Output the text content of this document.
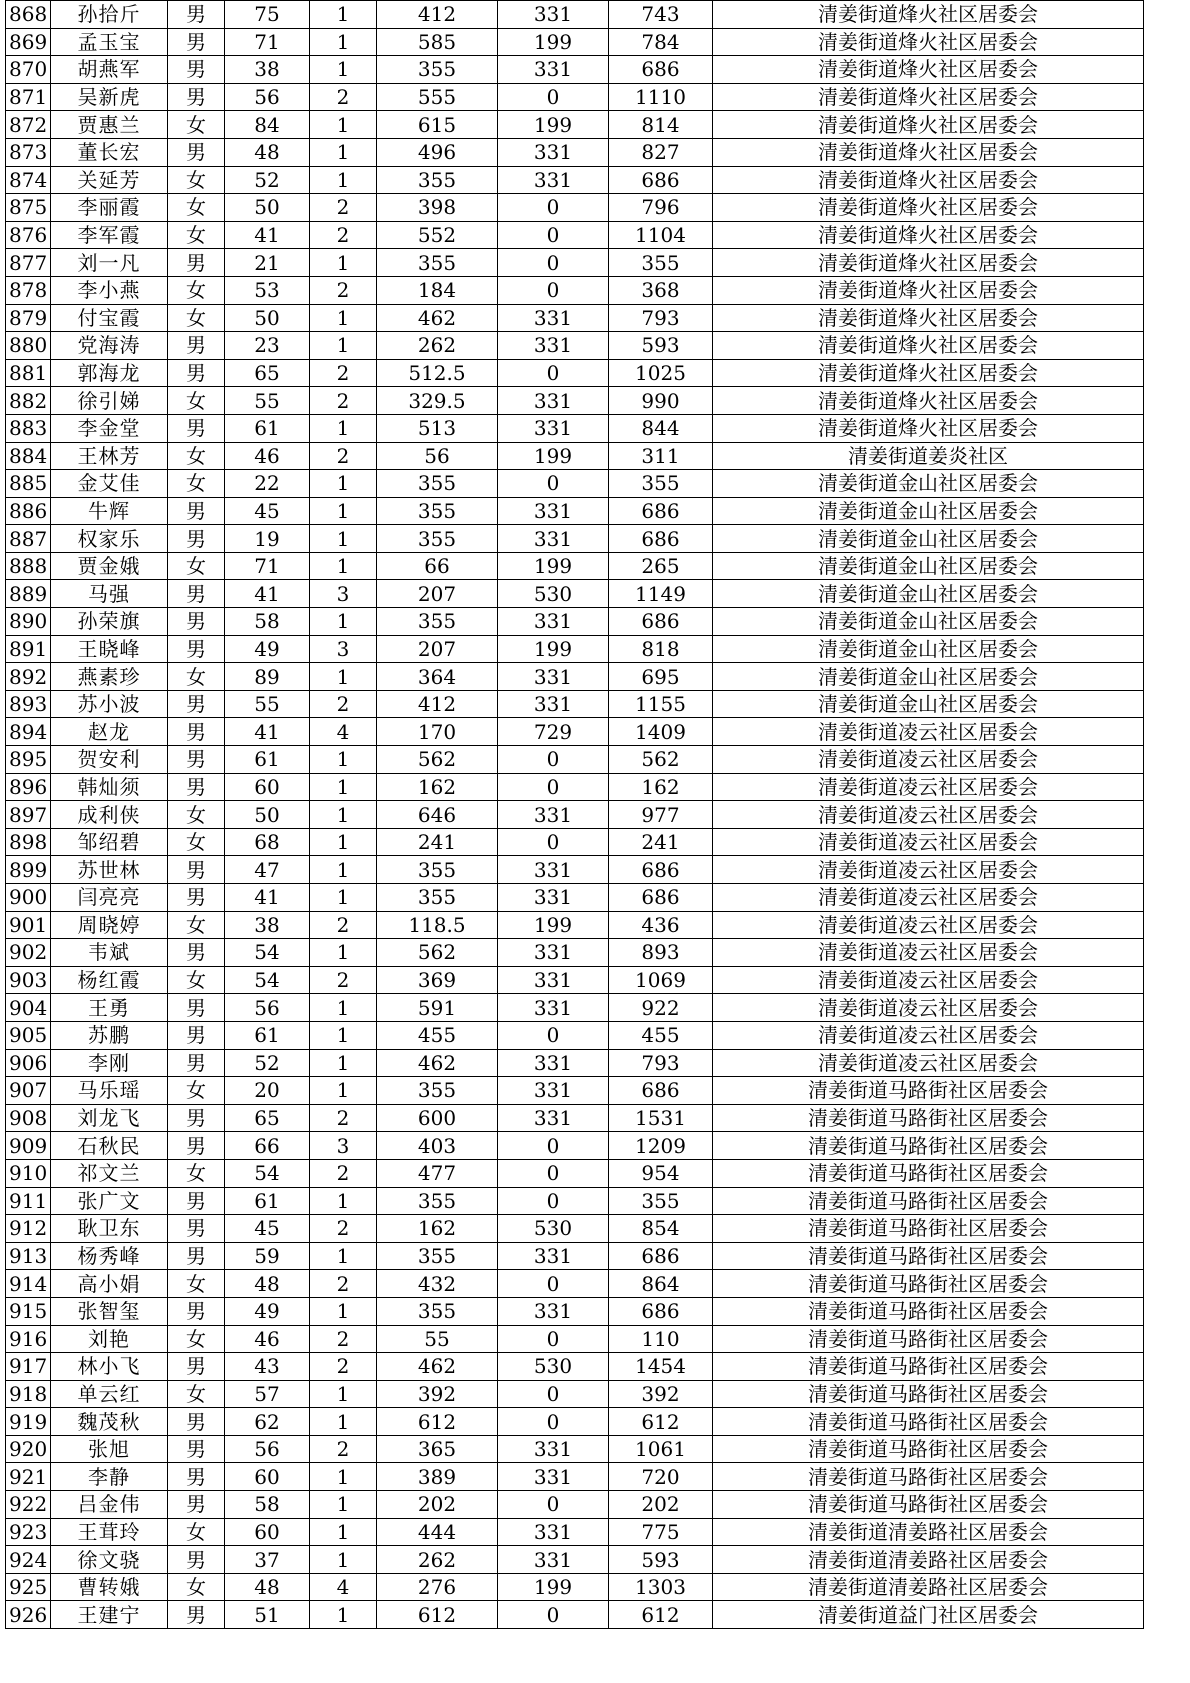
868	孙拾斤	男	75	1	412	331	743	清姜街道烽火社区居委会
869	孟玉宝	男	71	1	585	199	784	清姜街道烽火社区居委会
870	胡燕军	男	38	1	355	331	686	清姜街道烽火社区居委会
871	吴新虎	男	56	2	555	0	1110	清姜街道烽火社区居委会
872	贾惠兰	女	84	1	615	199	814	清姜街道烽火社区居委会
873	董长宏	男	48	1	496	331	827	清姜街道烽火社区居委会
874	关延芳	女	52	1	355	331	686	清姜街道烽火社区居委会
875	李丽霞	女	50	2	398	0	796	清姜街道烽火社区居委会
876	李军霞	女	41	2	552	0	1104	清姜街道烽火社区居委会
877	刘一凡	男	21	1	355	0	355	清姜街道烽火社区居委会
878	李小燕	女	53	2	184	0	368	清姜街道烽火社区居委会
879	付宝霞	女	50	1	462	331	793	清姜街道烽火社区居委会
880	党海涛	男	23	1	262	331	593	清姜街道烽火社区居委会
881	郭海龙	男	65	2	512.5	0	1025	清姜街道烽火社区居委会
882	徐引娣	女	55	2	329.5	331	990	清姜街道烽火社区居委会
883	李金堂	男	61	1	513	331	844	清姜街道烽火社区居委会
884	王林芳	女	46	2	56	199	311	清姜街道姜炎社区
885	金艾佳	女	22	1	355	0	355	清姜街道金山社区居委会
886	牛辉	男	45	1	355	331	686	清姜街道金山社区居委会
887	权家乐	男	19	1	355	331	686	清姜街道金山社区居委会
888	贾金娥	女	71	1	66	199	265	清姜街道金山社区居委会
889	马强	男	41	3	207	530	1149	清姜街道金山社区居委会
890	孙荣旗	男	58	1	355	331	686	清姜街道金山社区居委会
891	王晓峰	男	49	3	207	199	818	清姜街道金山社区居委会
892	燕素珍	女	89	1	364	331	695	清姜街道金山社区居委会
893	苏小波	男	55	2	412	331	1155	清姜街道金山社区居委会
894	赵龙	男	41	4	170	729	1409	清姜街道凌云社区居委会
895	贺安利	男	61	1	562	0	562	清姜街道凌云社区居委会
896	韩灿须	男	60	1	162	0	162	清姜街道凌云社区居委会
897	成利侠	女	50	1	646	331	977	清姜街道凌云社区居委会
898	邹绍碧	女	68	1	241	0	241	清姜街道凌云社区居委会
899	苏世林	男	47	1	355	331	686	清姜街道凌云社区居委会
900	闫亮亮	男	41	1	355	331	686	清姜街道凌云社区居委会
901	周晓婷	女	38	2	118.5	199	436	清姜街道凌云社区居委会
902	韦斌	男	54	1	562	331	893	清姜街道凌云社区居委会
903	杨红霞	女	54	2	369	331	1069	清姜街道凌云社区居委会
904	王勇	男	56	1	591	331	922	清姜街道凌云社区居委会
905	苏鹏	男	61	1	455	0	455	清姜街道凌云社区居委会
906	李刚	男	52	1	462	331	793	清姜街道凌云社区居委会
907	马乐瑶	女	20	1	355	331	686	清姜街道马路街社区居委会
908	刘龙飞	男	65	2	600	331	1531	清姜街道马路街社区居委会
909	石秋民	男	66	3	403	0	1209	清姜街道马路街社区居委会
910	祁文兰	女	54	2	477	0	954	清姜街道马路街社区居委会
911	张广文	男	61	1	355	0	355	清姜街道马路街社区居委会
912	耿卫东	男	45	2	162	530	854	清姜街道马路街社区居委会
913	杨秀峰	男	59	1	355	331	686	清姜街道马路街社区居委会
914	高小娟	女	48	2	432	0	864	清姜街道马路街社区居委会
915	张智玺	男	49	1	355	331	686	清姜街道马路街社区居委会
916	刘艳	女	46	2	55	0	110	清姜街道马路街社区居委会
917	林小飞	男	43	2	462	530	1454	清姜街道马路街社区居委会
918	单云红	女	57	1	392	0	392	清姜街道马路街社区居委会
919	魏茂秋	男	62	1	612	0	612	清姜街道马路街社区居委会
920	张旭	男	56	2	365	331	1061	清姜街道马路街社区居委会
921	李静	男	60	1	389	331	720	清姜街道马路街社区居委会
922	吕金伟	男	58	1	202	0	202	清姜街道马路街社区居委会
923	王茸玲	女	60	1	444	331	775	清姜街道清姜路社区居委会
924	徐文骁	男	37	1	262	331	593	清姜街道清姜路社区居委会
925	曹转娥	女	48	4	276	199	1303	清姜街道清姜路社区居委会
926	王建宁	男	51	1	612	0	612	清姜街道益门社区居委会
